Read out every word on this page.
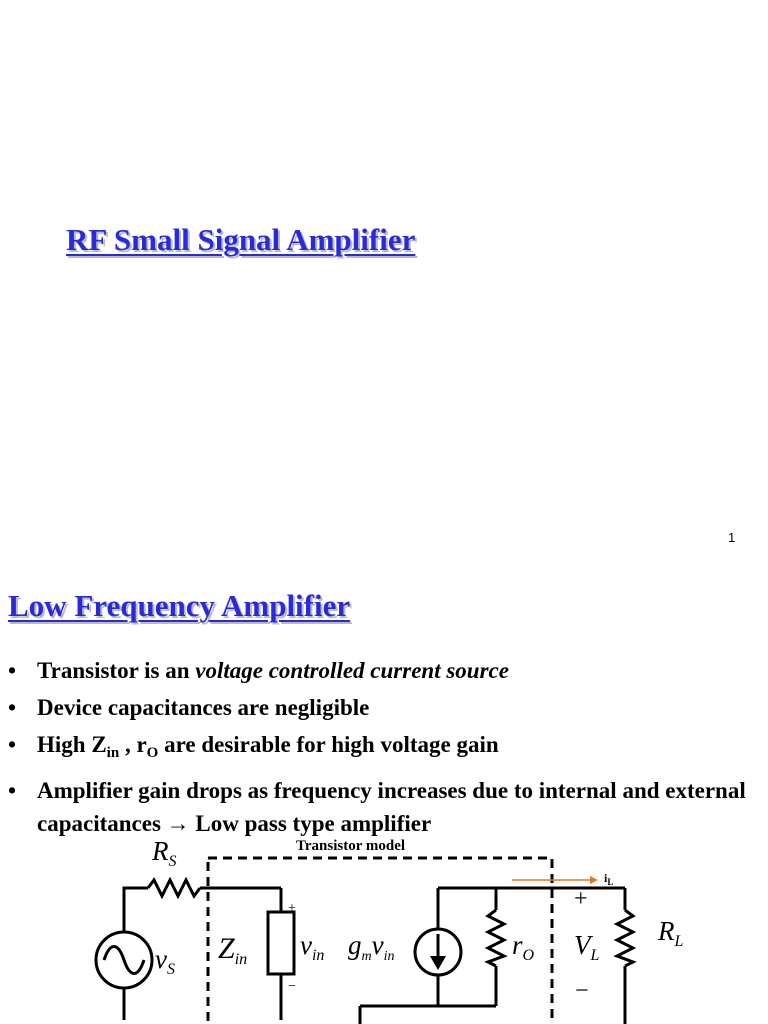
RF Small Signal Amplifier
1
Low Frequency Amplifier
• Transistor is an voltage controlled current source
• Device capacitances are negligible
• High $Z_{in}$ , $r_O$ are desirable for high voltage gain
• Amplifier gain drops as frequency increases due to internal and external capacitances → Low pass type amplifier
Transistor model
$R_S$
$v_S$
$Z_{in}$
+
−
$v_{in}$ $g_mv_{in}$	$r_O$
$R_L$
+
$V_L$
−
$i_L$
